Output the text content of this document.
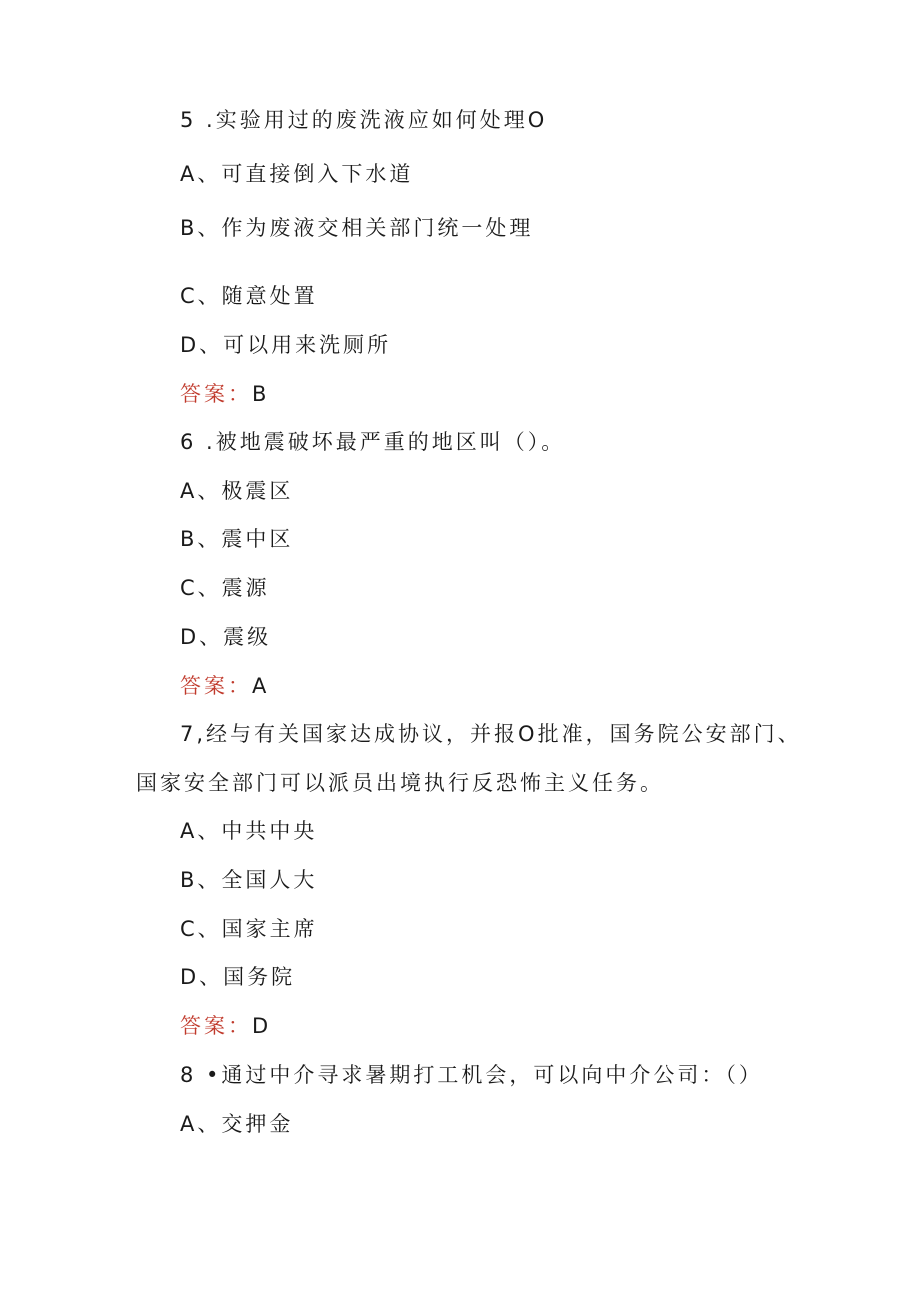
5 .实验用过的废洗液应如何处理O
A、可直接倒入下水道
B、作为废液交相关部门统一处理
C、随意处置
D、可以用来洗厕所
答案：B
6 .被地震破坏最严重的地区叫（）。
A、极震区
B、震中区
C、震源
D、震级
答案：A
7,经与有关国家达成协议，并报O批准，国务院公安部门、
国家安全部门可以派员出境执行反恐怖主义任务。
A、中共中央
B、全国人大
C、国家主席
D、国务院
答案：D
8 •通过中介寻求暑期打工机会，可以向中介公司：（）
A、交押金
